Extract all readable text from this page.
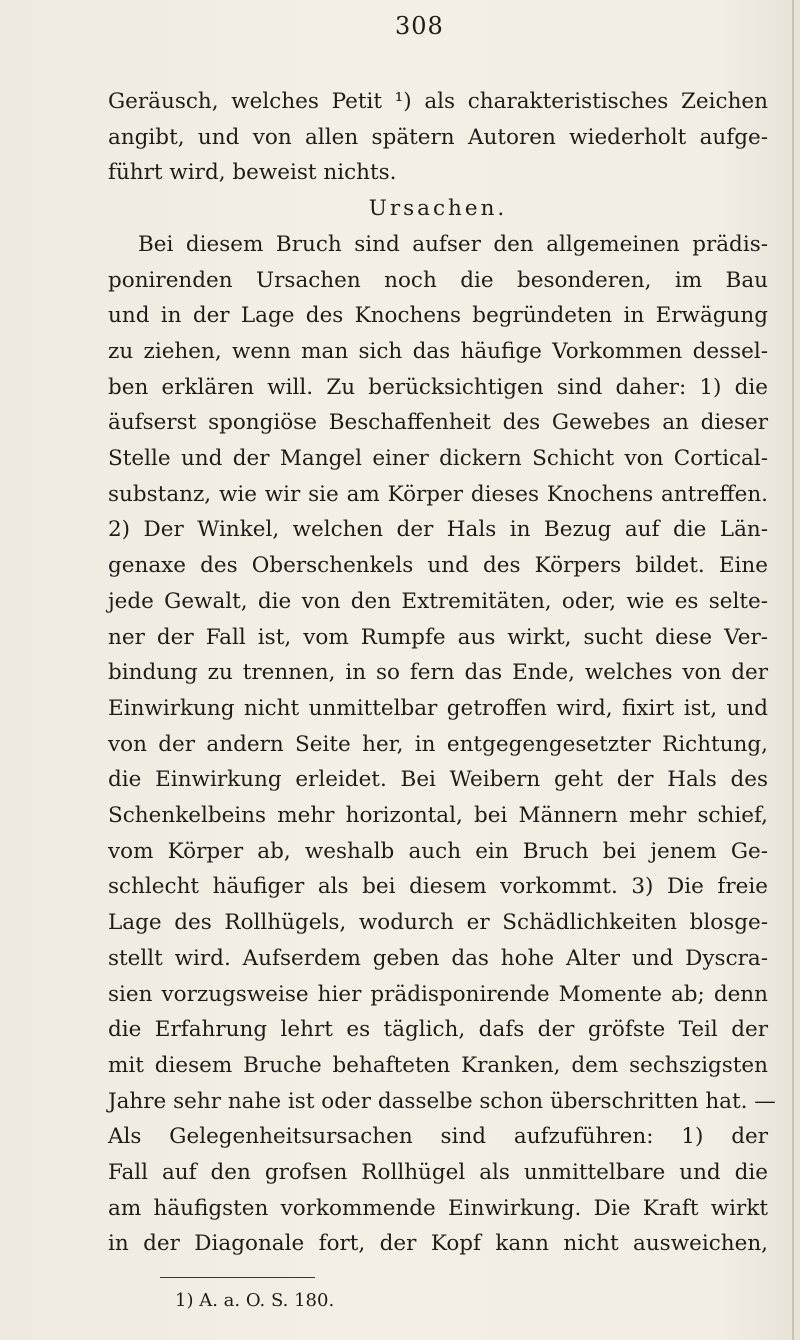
308
Geräusch, welches Petit ¹) als charakteristisches Zeichen
angibt, und von allen spätern Autoren wiederholt aufge-
führt wird, beweist nichts.
Ursachen.
Bei diesem Bruch sind aufser den allgemeinen prädis-
ponirenden Ursachen noch die besonderen, im Bau
und in der Lage des Knochens begründeten in Erwägung
zu ziehen, wenn man sich das häufige Vorkommen dessel-
ben erklären will. Zu berücksichtigen sind daher: 1) die
äufserst spongiöse Beschaffenheit des Gewebes an dieser
Stelle und der Mangel einer dickern Schicht von Cortical-
substanz, wie wir sie am Körper dieses Knochens antreffen.
2) Der Winkel, welchen der Hals in Bezug auf die Län-
genaxe des Oberschenkels und des Körpers bildet. Eine
jede Gewalt, die von den Extremitäten, oder, wie es selte-
ner der Fall ist, vom Rumpfe aus wirkt, sucht diese Ver-
bindung zu trennen, in so fern das Ende, welches von der
Einwirkung nicht unmittelbar getroffen wird, fixirt ist, und
von der andern Seite her, in entgegengesetzter Richtung,
die Einwirkung erleidet. Bei Weibern geht der Hals des
Schenkelbeins mehr horizontal, bei Männern mehr schief,
vom Körper ab, weshalb auch ein Bruch bei jenem Ge-
schlecht häufiger als bei diesem vorkommt. 3) Die freie
Lage des Rollhügels, wodurch er Schädlichkeiten blosge-
stellt wird. Aufserdem geben das hohe Alter und Dyscra-
sien vorzugsweise hier prädisponirende Momente ab; denn
die Erfahrung lehrt es täglich, dafs der gröfste Teil der
mit diesem Bruche behafteten Kranken, dem sechszigsten
Jahre sehr nahe ist oder dasselbe schon überschritten hat. —
Als Gelegenheitsursachen sind aufzuführen: 1) der
Fall auf den grofsen Rollhügel als unmittelbare und die
am häufigsten vorkommende Einwirkung. Die Kraft wirkt
in der Diagonale fort, der Kopf kann nicht ausweichen,
1) A. a. O. S. 180.
